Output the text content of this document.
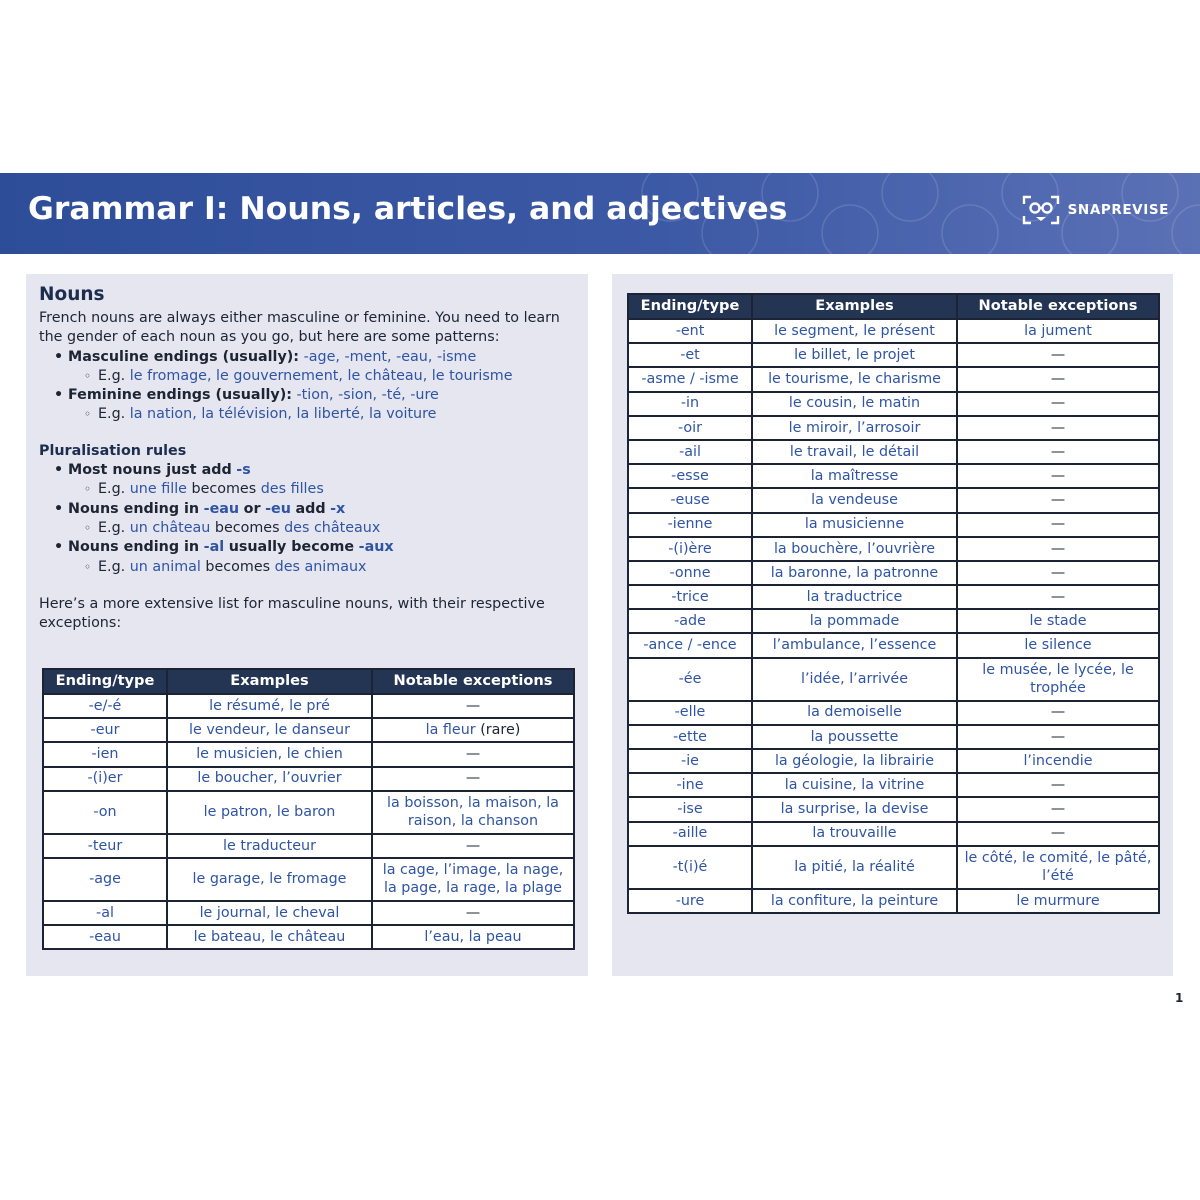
Grammar I: Nouns, articles, and adjectives	SNAPREVISE
Nouns
French nouns are always either masculine or feminine. You need to learn the gender of each noun as you go, but here are some patterns:
• Masculine endings (usually): -age, -ment, -eau, -isme
◦ E.g. le fromage, le gouvernement, le château, le tourisme
• Feminine endings (usually): -tion, -sion, -té, -ure
◦ E.g. la nation, la télévision, la liberté, la voiture
Pluralisation rules
• Most nouns just add -s
◦ E.g. une fille becomes des filles
• Nouns ending in -eau or -eu add -x
◦ E.g. un château becomes des châteaux
• Nouns ending in -al usually become -aux
◦ E.g. un animal becomes des animaux
Here’s a more extensive list for masculine nouns, with their respective exceptions:
Ending/type	Examples	Notable exceptions
-e/-é	le résumé, le pré	—
-eur	le vendeur, le danseur	la fleur (rare)
-ien	le musicien, le chien	—
-(i)er	le boucher, l’ouvrier	—
-on	le patron, le baron	la boisson, la maison, la raison, la chanson
-teur	le traducteur	—
-age	le garage, le fromage	la cage, l’image, la nage, la page, la rage, la plage
-al	le journal, le cheval	—
-eau	le bateau, le château	l’eau, la peau
Ending/type	Examples	Notable exceptions
-ent	le segment, le présent	la jument
-et	le billet, le projet	—
-asme / -isme	le tourisme, le charisme	—
-in	le cousin, le matin	—
-oir	le miroir, l’arrosoir	—
-ail	le travail, le détail	—
-esse	la maîtresse	—
-euse	la vendeuse	—
-ienne	la musicienne	—
-(i)ère	la bouchère, l’ouvrière	—
-onne	la baronne, la patronne	—
-trice	la traductrice	—
-ade	la pommade	le stade
-ance / -ence	l’ambulance, l’essence	le silence
-ée	l’idée, l’arrivée	le musée, le lycée, le trophée
-elle	la demoiselle	—
-ette	la poussette	—
-ie	la géologie, la librairie	l’incendie
-ine	la cuisine, la vitrine	—
-ise	la surprise, la devise	—
-aille	la trouvaille	—
-t(i)é	la pitié, la réalité	le côté, le comité, le pâté, l’été
-ure	la confiture, la peinture	le murmure
1
